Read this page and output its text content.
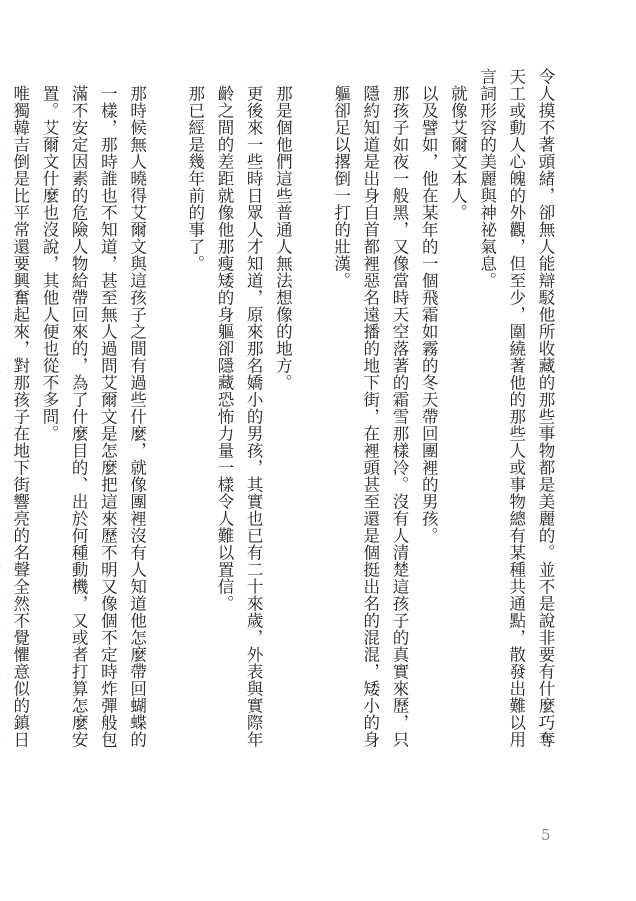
令人摸不著頭緒，卻無人能辯駁他所收藏的那些事物都是美麗的。並不是說非要有什麼巧奪天工或動人心魄的外觀，但至少，圍繞著他的那些人或事物總有某種共通點，散發出難以用言詞形容的美麗與神祕氣息。

就像艾爾文本人。

以及譬如，他在某年的一個飛霜如霧的冬天帶回團裡的男孩。

那孩子如夜一般黑，又像當時天空落著的霜雪那樣冷。沒有人清楚這孩子的真實來歷，只隱約知道是出身自首都裡惡名遠播的地下街，在裡頭甚至還是個挺出名的混混，矮小的身軀卻足以撂倒一打的壯漢。

那是個他們這些普通人無法想像的地方。

更後來一些時日眾人才知道，原來那名嬌小的男孩，其實也已有二十來歲，外表與實際年齡之間的差距就像他那瘦矮的身軀卻隱藏恐怖力量一樣令人難以置信。

那已經是幾年前的事了。

那時候無人曉得艾爾文與這孩子之間有過些什麼，就像團裡沒有人知道他怎麼帶回蝴蝶的一樣，那時誰也不知道，甚至無人過問艾爾文是怎麼把這來歷不明又像個不定時炸彈般包滿不安定因素的危險人物給帶回來的，為了什麼目的、出於何種動機，又或者打算怎麼安置。艾爾文什麼也沒說，其他人便也從不多問。

唯獨韓吉倒是比平常還要興奮起來，對那孩子在地下街響亮的名聲全然不覺懼意似的鎮日

5
